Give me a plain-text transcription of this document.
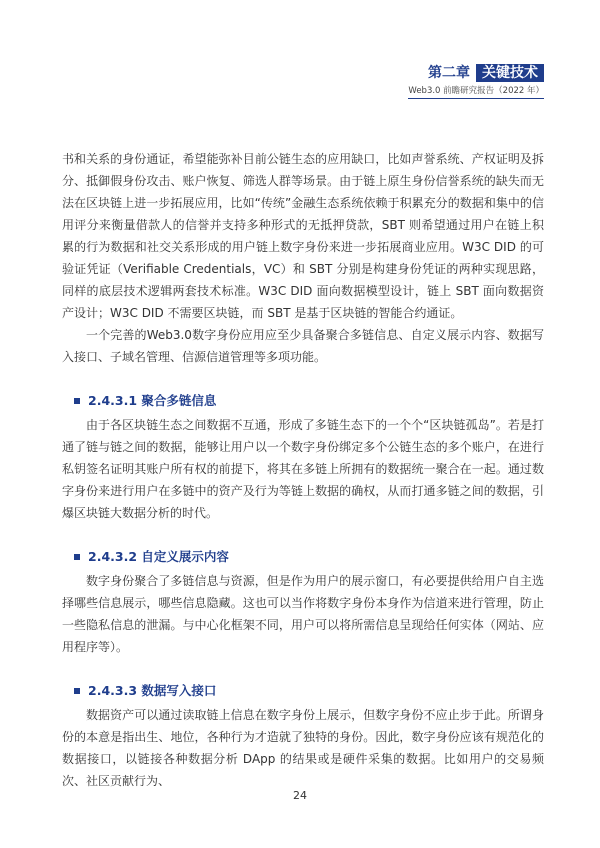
第二章 关键技术
Web3.0 前瞻研究报告（2022 年）

书和关系的身份通证，希望能弥补目前公链生态的应用缺口，比如声誉系统、产权证明及拆分、抵御假身份攻击、账户恢复、筛选人群等场景。由于链上原生身份信誉系统的缺失而无法在区块链上进一步拓展应用，比如“传统”金融生态系统依赖于积累充分的数据和集中的信用评分来衡量借款人的信誉并支持多种形式的无抵押贷款，SBT 则希望通过用户在链上积累的行为数据和社交关系形成的用户链上数字身份来进一步拓展商业应用。W3C DID 的可验证凭证（Verifiable Credentials，VC）和 SBT 分别是构建身份凭证的两种实现思路，同样的底层技术逻辑两套技术标准。W3C DID 面向数据模型设计，链上 SBT 面向数据资产设计；W3C DID 不需要区块链，而 SBT 是基于区块链的智能合约通证。

一个完善的Web3.0数字身份应用应至少具备聚合多链信息、自定义展示内容、数据写入接口、子域名管理、信源信道管理等多项功能。

2.4.3.1 聚合多链信息

由于各区块链生态之间数据不互通，形成了多链生态下的一个个“区块链孤岛”。若是打通了链与链之间的数据，能够让用户以一个数字身份绑定多个公链生态的多个账户，在进行私钥签名证明其账户所有权的前提下，将其在多链上所拥有的数据统一聚合在一起。通过数字身份来进行用户在多链中的资产及行为等链上数据的确权，从而打通多链之间的数据，引爆区块链大数据分析的时代。

2.4.3.2 自定义展示内容

数字身份聚合了多链信息与资源，但是作为用户的展示窗口，有必要提供给用户自主选择哪些信息展示，哪些信息隐藏。这也可以当作将数字身份本身作为信道来进行管理，防止一些隐私信息的泄漏。与中心化框架不同，用户可以将所需信息呈现给任何实体（网站、应用程序等）。

2.4.3.3 数据写入接口

数据资产可以通过读取链上信息在数字身份上展示，但数字身份不应止步于此。所谓身份的本意是指出生、地位，各种行为才造就了独特的身份。因此，数字身份应该有规范化的数据接口，以链接各种数据分析 DApp 的结果或是硬件采集的数据。比如用户的交易频次、社区贡献行为、

24
